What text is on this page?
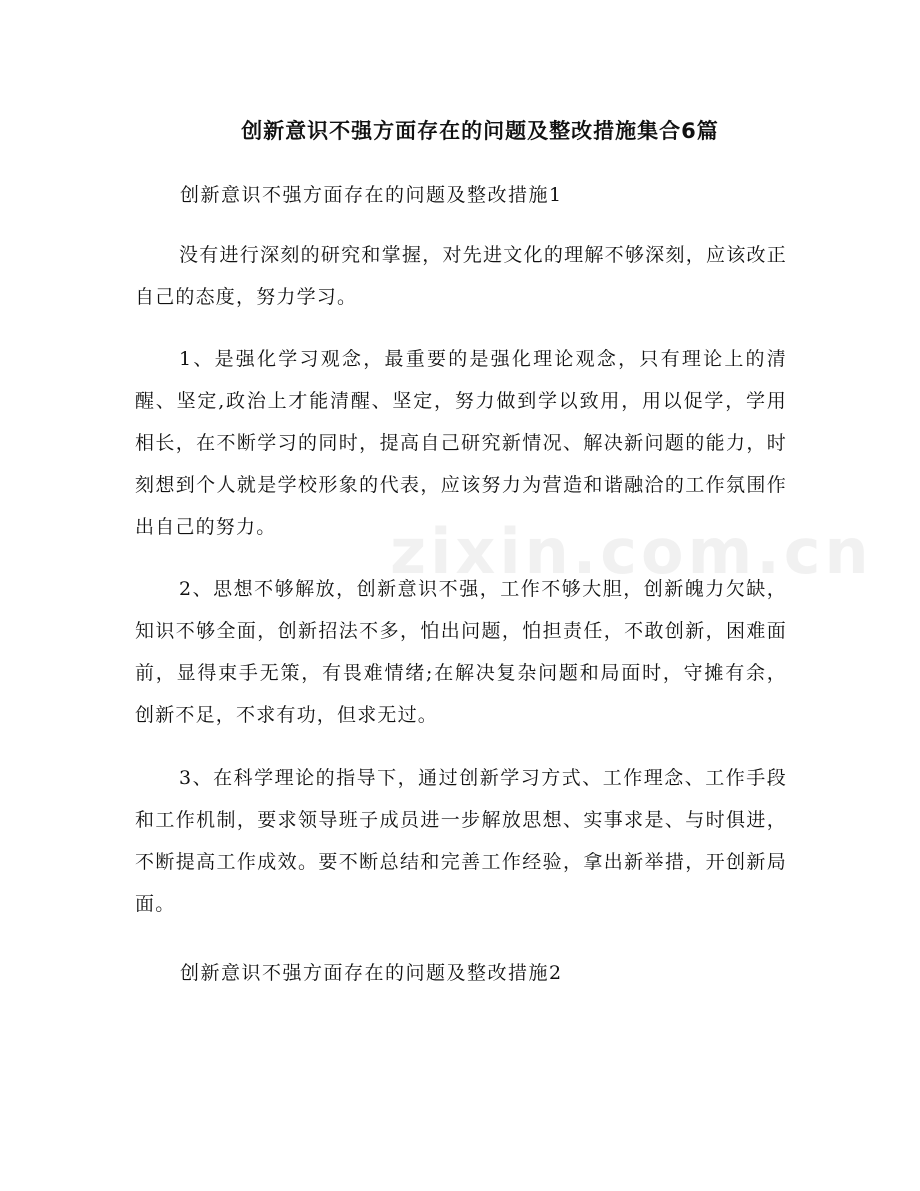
zixin.com.cn
创新意识不强方面存在的问题及整改措施集合6篇
创新意识不强方面存在的问题及整改措施1
没有进行深刻的研究和掌握，对先进文化的理解不够深刻，应该改正自己的态度，努力学习。
1、是强化学习观念，最重要的是强化理论观念，只有理论上的清醒、坚定,政治上才能清醒、坚定，努力做到学以致用，用以促学，学用相长，在不断学习的同时，提高自己研究新情况、解决新问题的能力，时刻想到个人就是学校形象的代表，应该努力为营造和谐融洽的工作氛围作出自己的努力。
2、思想不够解放，创新意识不强，工作不够大胆，创新魄力欠缺，知识不够全面，创新招法不多，怕出问题，怕担责任，不敢创新，困难面前，显得束手无策，有畏难情绪;在解决复杂问题和局面时，守摊有余，创新不足，不求有功，但求无过。
3、在科学理论的指导下，通过创新学习方式、工作理念、工作手段和工作机制，要求领导班子成员进一步解放思想、实事求是、与时俱进，不断提高工作成效。要不断总结和完善工作经验，拿出新举措，开创新局面。
创新意识不强方面存在的问题及整改措施2
